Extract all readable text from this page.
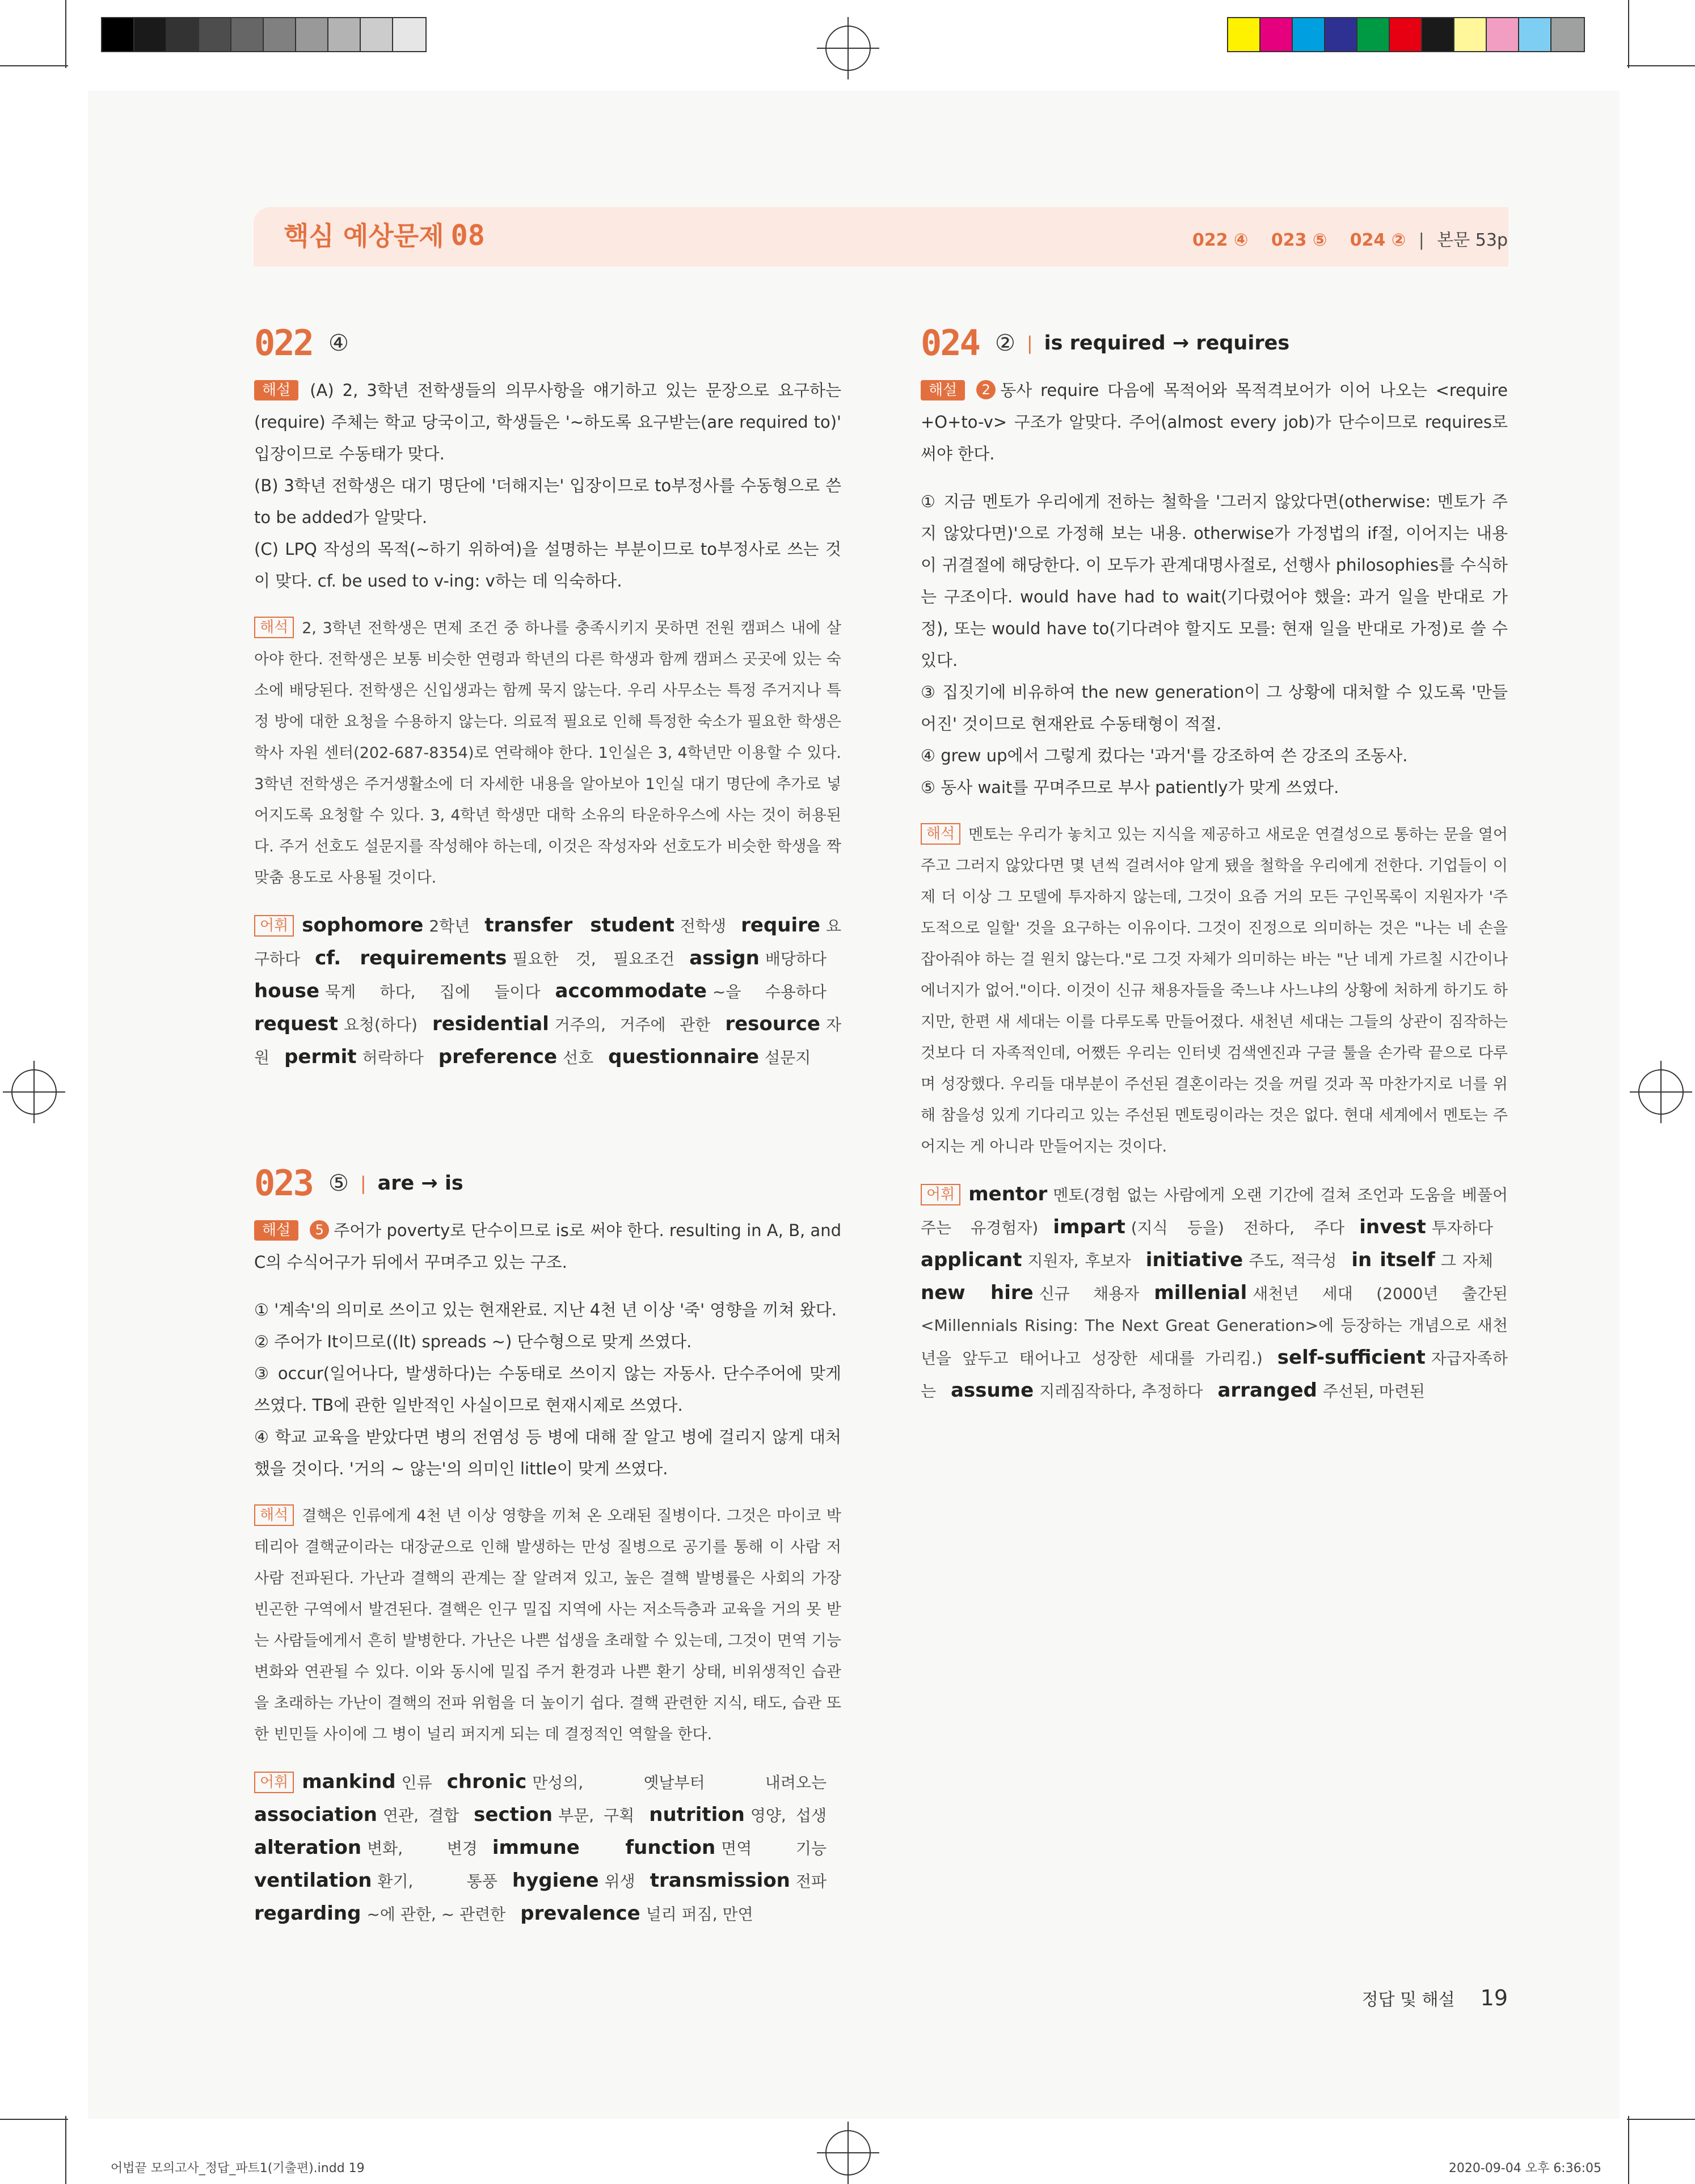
핵심 예상문제 08	022 ④ 023 ⑤ 024 ② | 본문 53p
022 ④

해설 (A) 2, 3학년 전학생들의 의무사항을 얘기하고 있는 문장으로 요구하는 (require) 주체는 학교 당국이고, 학생들은 '~하도록 요구받는(are required to)' 입장이므로 수동태가 맞다.

(B) 3학년 전학생은 대기 명단에 '더해지는' 입장이므로 to부정사를 수동형으로 쓴 to be added가 알맞다.

(C) LPQ 작성의 목적(~하기 위하여)을 설명하는 부분이므로 to부정사로 쓰는 것이 맞다. cf. be used to v-ing: v하는 데 익숙하다.

해석 2, 3학년 전학생은 면제 조건 중 하나를 충족시키지 못하면 전원 캠퍼스 내에 살아야 한다. 전학생은 보통 비슷한 연령과 학년의 다른 학생과 함께 캠퍼스 곳곳에 있는 숙소에 배당된다. 전학생은 신입생과는 함께 묵지 않는다. 우리 사무소는 특정 주거지나 특정 방에 대한 요청을 수용하지 않는다. 의료적 필요로 인해 특정한 숙소가 필요한 학생은 학사 자원 센터(202-687-8354)로 연락해야 한다. 1인실은 3, 4학년만 이용할 수 있다. 3학년 전학생은 주거생활소에 더 자세한 내용을 알아보아 1인실 대기 명단에 추가로 넣어지도록 요청할 수 있다. 3, 4학년 학생만 대학 소유의 타운하우스에 사는 것이 허용된다. 주거 선호도 설문지를 작성해야 하는데, 이것은 작성자와 선호도가 비슷한 학생을 짝 맞춤 용도로 사용될 것이다.

어휘 sophomore 2학년 transfer student 전학생 require 요구하다 cf. requirements 필요한 것, 필요조건 assign 배당하다house 묵게 하다, 집에 들이다 accommodate ~을 수용하다request 요청(하다) residential 거주의, 거주에 관한 resource 자원 permit 허락하다 preference 선호 questionnaire 설문지

023 ⑤ | are → is

해설 5 주어가 poverty로 단수이므로 is로 써야 한다. resulting in A, B, and C의 수식어구가 뒤에서 꾸며주고 있는 구조.

① '계속'의 의미로 쓰이고 있는 현재완료. 지난 4천 년 이상 '죽' 영향을 끼쳐 왔다.

② 주어가 It이므로((It) spreads ~) 단수형으로 맞게 쓰였다.

③ occur(일어나다, 발생하다)는 수동태로 쓰이지 않는 자동사. 단수주어에 맞게 쓰였다. TB에 관한 일반적인 사실이므로 현재시제로 쓰였다.

④ 학교 교육을 받았다면 병의 전염성 등 병에 대해 잘 알고 병에 걸리지 않게 대처했을 것이다. '거의 ~ 않는'의 의미인 little이 맞게 쓰였다.

해석 결핵은 인류에게 4천 년 이상 영향을 끼쳐 온 오래된 질병이다. 그것은 마이코 박테리아 결핵균이라는 대장균으로 인해 발생하는 만성 질병으로 공기를 통해 이 사람 저 사람 전파된다. 가난과 결핵의 관계는 잘 알려져 있고, 높은 결핵 발병률은 사회의 가장 빈곤한 구역에서 발견된다. 결핵은 인구 밀집 지역에 사는 저소득층과 교육을 거의 못 받는 사람들에게서 흔히 발병한다. 가난은 나쁜 섭생을 초래할 수 있는데, 그것이 면역 기능 변화와 연관될 수 있다. 이와 동시에 밀집 주거 환경과 나쁜 환기 상태, 비위생적인 습관을 초래하는 가난이 결핵의 전파 위험을 더 높이기 쉽다. 결핵 관련한 지식, 태도, 습관 또한 빈민들 사이에 그 병이 널리 퍼지게 되는 데 결정적인 역할을 한다.

어휘 mankind 인류 chronic 만성의, 옛날부터 내려오는association 연관, 결합 section 부문, 구획 nutrition 영양, 섭생alteration 변화, 변경 immune function 면역 기능ventilation 환기, 통풍 hygiene 위생 transmission 전파regarding ~에 관한, ~ 관련한 prevalence 널리 퍼짐, 만연

024 ② | is required → requires

해설 2 동사 require 다음에 목적어와 목적격보어가 이어 나오는 <require +O+to-v> 구조가 알맞다. 주어(almost every job)가 단수이므로 requires로 써야 한다.

① 지금 멘토가 우리에게 전하는 철학을 '그러지 않았다면(otherwise: 멘토가 주지 않았다면)'으로 가정해 보는 내용. otherwise가 가정법의 if절, 이어지는 내용이 귀결절에 해당한다. 이 모두가 관계대명사절로, 선행사 philosophies를 수식하는 구조이다. would have had to wait(기다렸어야 했을: 과거 일을 반대로 가정), 또는 would have to(기다려야 할지도 모를: 현재 일을 반대로 가정)로 쓸 수 있다.

③ 집짓기에 비유하여 the new generation이 그 상황에 대처할 수 있도록 '만들어진' 것이므로 현재완료 수동태형이 적절.

④ grew up에서 그렇게 컸다는 '과거'를 강조하여 쓴 강조의 조동사.

⑤ 동사 wait를 꾸며주므로 부사 patiently가 맞게 쓰였다.

해석 멘토는 우리가 놓치고 있는 지식을 제공하고 새로운 연결성으로 통하는 문을 열어주고 그러지 않았다면 몇 년씩 걸려서야 알게 됐을 철학을 우리에게 전한다. 기업들이 이제 더 이상 그 모델에 투자하지 않는데, 그것이 요즘 거의 모든 구인목록이 지원자가 '주도적으로 일할' 것을 요구하는 이유이다. 그것이 진정으로 의미하는 것은 "나는 네 손을 잡아줘야 하는 걸 원치 않는다."로 그것 자체가 의미하는 바는 "난 네게 가르칠 시간이나 에너지가 없어."이다. 이것이 신규 채용자들을 죽느냐 사느냐의 상황에 처하게 하기도 하지만, 한편 새 세대는 이를 다루도록 만들어졌다. 새천년 세대는 그들의 상관이 짐작하는 것보다 더 자족적인데, 어쨌든 우리는 인터넷 검색엔진과 구글 툴을 손가락 끝으로 다루며 성장했다. 우리들 대부분이 주선된 결혼이라는 것을 꺼릴 것과 꼭 마찬가지로 너를 위해 참을성 있게 기다리고 있는 주선된 멘토링이라는 것은 없다. 현대 세계에서 멘토는 주어지는 게 아니라 만들어지는 것이다.

어휘 mentor 멘토(경험 없는 사람에게 오랜 기간에 걸쳐 조언과 도움을 베풀어 주는 유경험자) impart (지식 등을) 전하다, 주다 invest 투자하다applicant 지원자, 후보자 initiative 주도, 적극성 in itself 그 자체new hire 신규 채용자 millenial 새천년 세대 (2000년 출간된 <Millennials Rising: The Next Great Generation>에 등장하는 개념으로 새천년을 앞두고 태어나고 성장한 세대를 가리킴.) self-sufficient 자급자족하는 assume 지레짐작하다, 추정하다 arranged 주선된, 마련된

정답 및 해설 19
어법끝 모의고사_정답_파트1(기출편).indd 19	2020-09-04 오후 6:36:05
